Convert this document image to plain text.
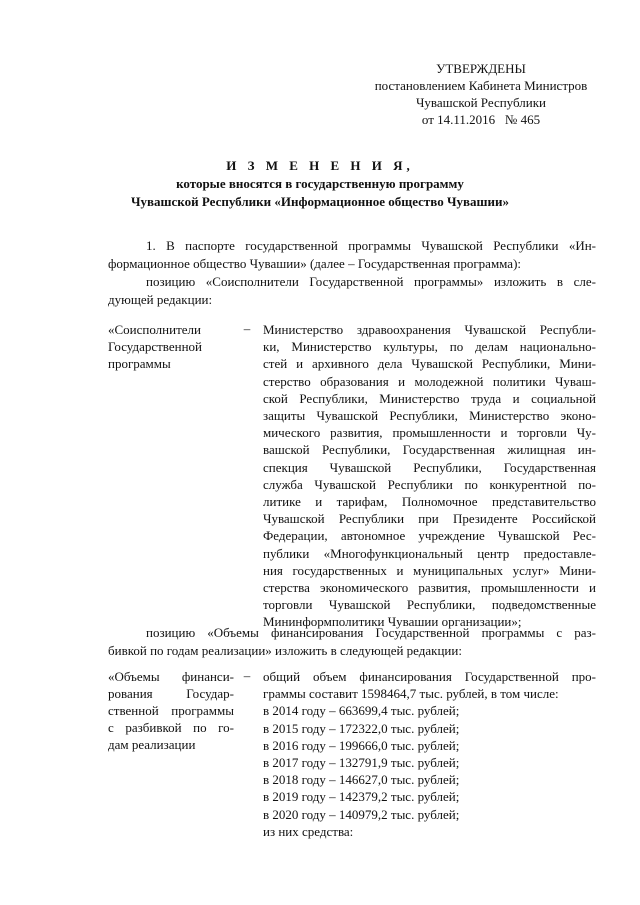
УТВЕРЖДЕНЫ
постановлением Кабинета Министров
Чувашской Республики
от 14.11.2016   № 465
И З М Е Н Е Н И Я,
которые вносятся в государственную программу
Чувашской Республики «Информационное общество Чувашии»
1. В паспорте государственной программы Чувашской Республики «Ин-
формационное общество Чувашии» (далее – Государственная программа):
позицию «Соисполнители Государственной программы» изложить в сле-
дующей редакции:
«Соисполнители
Государственной
программы
– Министерство здравоохранения Чувашской Республи-
ки, Министерство культуры, по делам национально-
стей и архивного дела Чувашской Республики, Мини-
стерство образования и молодежной политики Чуваш-
ской Республики, Министерство труда и социальной
защиты Чувашской Республики, Министерство эконо-
мического развития, промышленности и торговли Чу-
вашской Республики, Государственная жилищная ин-
спекция Чувашской Республики, Государственная
служба Чувашской Республики по конкурентной по-
литике и тарифам, Полномочное представительство
Чувашской Республики при Президенте Российской
Федерации, автономное учреждение Чувашской Рес-
публики «Многофункциональный центр предоставле-
ния государственных и муниципальных услуг» Мини-
стерства экономического развития, промышленности и
торговли Чувашской Республики, подведомственные
Мининформполитики Чувашии организации»;
позицию «Объемы финансирования Государственной программы с раз-
бивкой по годам реализации» изложить в следующей редакции:
«Объемы финанси-
рования Государ-
ственной программы
с разбивкой по го-
дам реализации
– общий объем финансирования Государственной про-
граммы составит 1598464,7 тыс. рублей, в том числе:
в 2014 году – 663699,4 тыс. рублей;
в 2015 году – 172322,0 тыс. рублей;
в 2016 году – 199666,0 тыс. рублей;
в 2017 году – 132791,9 тыс. рублей;
в 2018 году – 146627,0 тыс. рублей;
в 2019 году – 142379,2 тыс. рублей;
в 2020 году – 140979,2 тыс. рублей;
из них средства:
